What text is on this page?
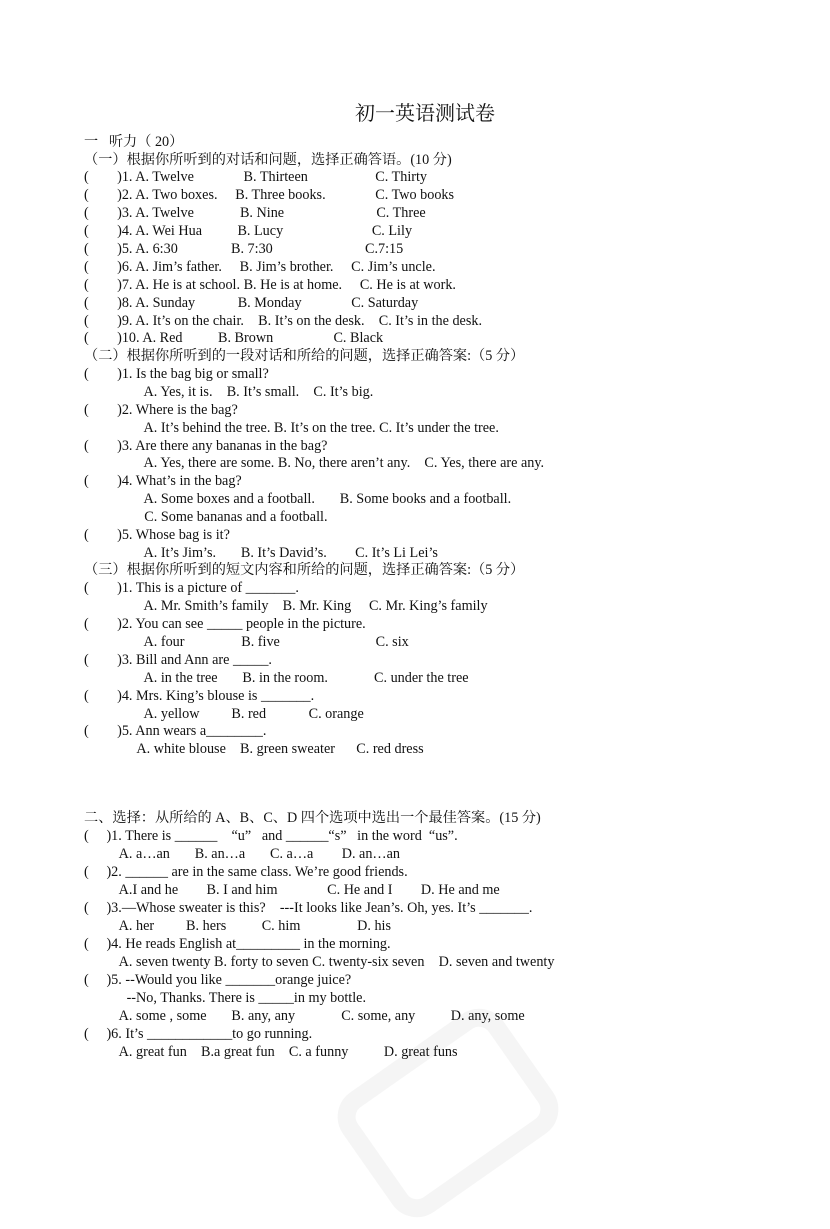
初一英语测试卷
一   听力（ 20）
（一）根据你所听到的对话和问题，选择正确答语。(10 分)
(        )1. A. Twelve              B. Thirteen                   C. Thirty
(        )2. A. Two boxes.     B. Three books.              C. Two books
(        )3. A. Twelve             B. Nine                          C. Three
(        )4. A. Wei Hua          B. Lucy                         C. Lily
(        )5. A. 6:30               B. 7:30                          C.7:15
(        )6. A. Jim’s father.     B. Jim’s brother.     C. Jim’s uncle.
(        )7. A. He is at school. B. He is at home.     C. He is at work.
(        )8. A. Sunday            B. Monday              C. Saturday
(        )9. A. It’s on the chair.    B. It’s on the desk.    C. It’s in the desk.
(        )10. A. Red          B. Brown                 C. Black
（二）根据你所听到的一段对话和所给的问题，选择正确答案:（5 分）
(        )1. Is the bag big or small?
A. Yes, it is.    B. It’s small.    C. It’s big.
(        )2. Where is the bag?
A. It’s behind the tree. B. It’s on the tree. C. It’s under the tree.
(        )3. Are there any bananas in the bag?
A. Yes, there are some. B. No, there aren’t any.    C. Yes, there are any.
(        )4. What’s in the bag?
A. Some boxes and a football.       B. Some books and a football.
C. Some bananas and a football.
(        )5. Whose bag is it?
A. It’s Jim’s.       B. It’s David’s.        C. It’s Li Lei’s
（三）根据你所听到的短文内容和所给的问题，选择正确答案:（5 分）
(        )1. This is a picture of _______.
A. Mr. Smith’s family    B. Mr. King     C. Mr. King’s family
(        )2. You can see _____ people in the picture.
A. four                B. five                           C. six
(        )3. Bill and Ann are _____.
A. in the tree       B. in the room.             C. under the tree
(        )4. Mrs. King’s blouse is _______.
A. yellow         B. red            C. orange
(        )5. Ann wears a________.
A. white blouse    B. green sweater      C. red dress
二、选择：从所给的 A、B、C、D 四个选项中选出一个最佳答案。(15 分)
(     )1. There is ______    “u”   and ______“s”   in the word  “us”.
A. a…an       B. an…a       C. a…a        D. an…an
(     )2. ______ are in the same class. We’re good friends.
A.I and he        B. I and him              C. He and I        D. He and me
(     )3.—Whose sweater is this?    ---It looks like Jean’s. Oh, yes. It’s _______.
A. her         B. hers          C. him                D. his
(     )4. He reads English at_________ in the morning.
A. seven twenty B. forty to seven C. twenty-six seven    D. seven and twenty
(     )5. --Would you like _______orange juice?
--No, Thanks. There is _____in my bottle.
A. some , some       B. any, any             C. some, any          D. any, some
(     )6. It’s ____________to go running.
A. great fun    B.a great fun    C. a funny          D. great funs
